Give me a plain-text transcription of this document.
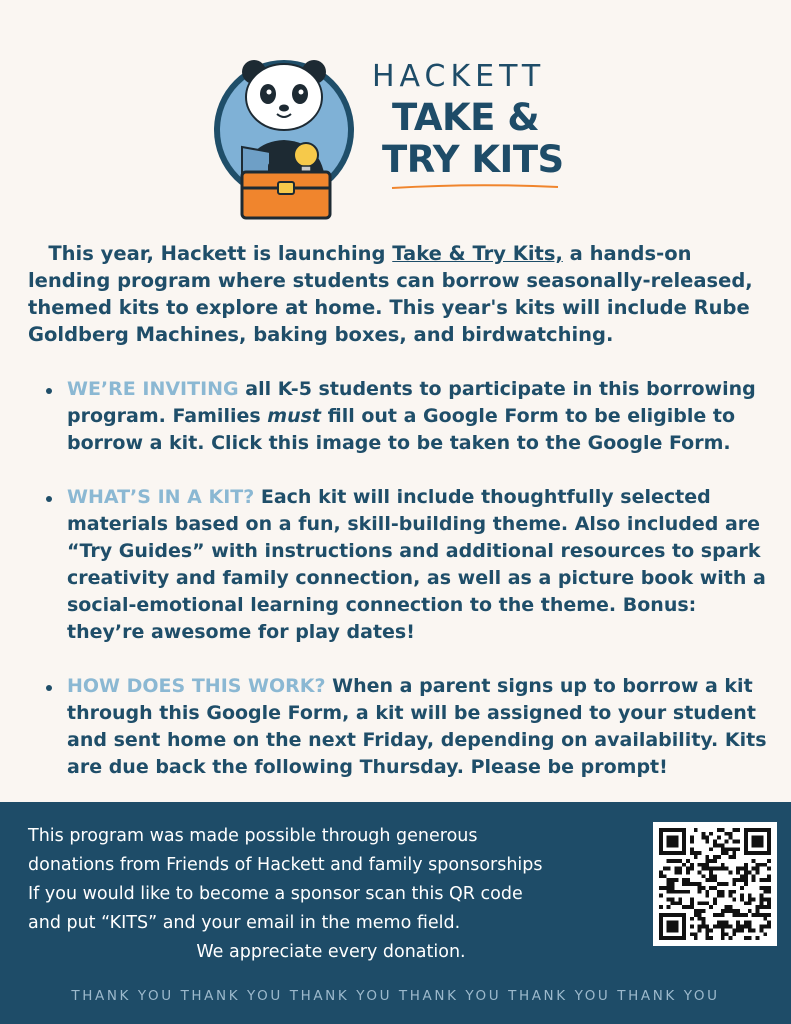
HACKETT
TAKE &
TRY KITS
This year, Hackett is launching Take & Try Kits, a hands-on lending program where students can borrow seasonally-released, themed kits to explore at home. This year's kits will include Rube Goldberg Machines, baking boxes, and birdwatching.
WE’RE INVITING all K-5 students to participate in this borrowing program. Families must fill out a Google Form to be eligible to borrow a kit. Click this image to be taken to the Google Form.
WHAT’S IN A KIT? Each kit will include thoughtfully selected materials based on a fun, skill-building theme. Also included are “Try Guides” with instructions and additional resources to spark creativity and family connection, as well as a picture book with a social-emotional learning connection to the theme. Bonus: they’re awesome for play dates!
HOW DOES THIS WORK? When a parent signs up to borrow a kit through this Google Form, a kit will be assigned to your student and sent home on the next Friday, depending on availability. Kits are due back the following Thursday. Please be prompt!
This program was made possible through generous
donations from Friends of Hackett and family sponsorships
If you would like to become a sponsor scan this QR code
and put “KITS” and your email in the memo field.
We appreciate every donation.
THANK YOU THANK YOU THANK YOU THANK YOU THANK YOU THANK YOU
